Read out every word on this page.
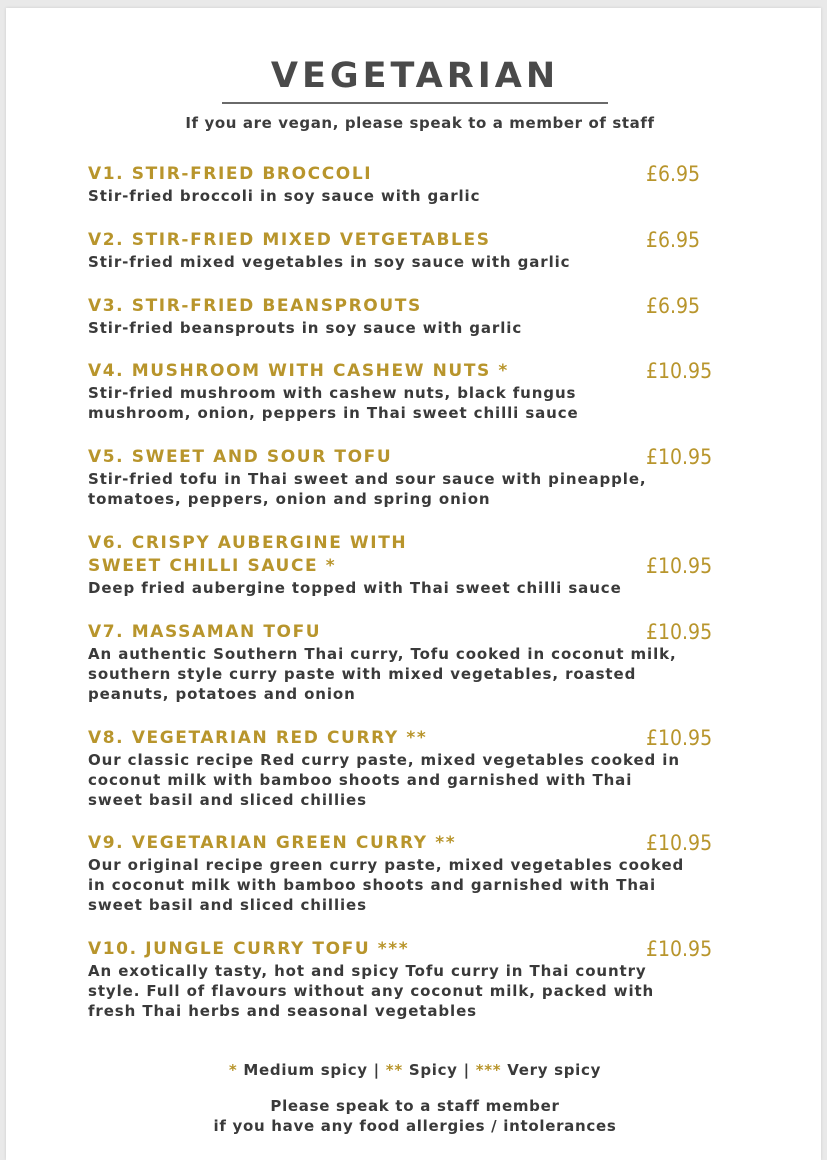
VEGETARIAN
If you are vegan, please speak to a member of staff
£6.95
V1. STIR-FRIED BROCCOLI
Stir-fried broccoli in soy sauce with garlic
£6.95
V2. STIR-FRIED MIXED VETGETABLES
Stir-fried mixed vegetables in soy sauce with garlic
£6.95
V3. STIR-FRIED BEANSPROUTS
Stir-fried beansprouts in soy sauce with garlic
£10.95
V4. MUSHROOM WITH CASHEW NUTS *
Stir-fried mushroom with cashew nuts, black fungus
mushroom, onion, peppers in Thai sweet chilli sauce
£10.95
V5. SWEET AND SOUR TOFU
Stir-fried tofu in Thai sweet and sour sauce with pineapple,
tomatoes, peppers, onion and spring onion
£10.95
V6. CRISPY AUBERGINE WITH
SWEET CHILLI SAUCE *
Deep fried aubergine topped with Thai sweet chilli sauce
£10.95
V7. MASSAMAN TOFU
An authentic Southern Thai curry, Tofu cooked in coconut milk,
southern style curry paste with mixed vegetables, roasted
peanuts, potatoes and onion
£10.95
V8. VEGETARIAN RED CURRY **
Our classic recipe Red curry paste, mixed vegetables cooked in
coconut milk with bamboo shoots and garnished with Thai
sweet basil and sliced chillies
£10.95
V9. VEGETARIAN GREEN CURRY **
Our original recipe green curry paste, mixed vegetables cooked
in coconut milk with bamboo shoots and garnished with Thai
sweet basil and sliced chillies
£10.95
V10. JUNGLE CURRY TOFU ***
An exotically tasty, hot and spicy Tofu curry in Thai country
style. Full of flavours without any coconut milk, packed with
fresh Thai herbs and seasonal vegetables
* Medium spicy | ** Spicy | *** Very spicy
Please speak to a staff member
if you have any food allergies / intolerances
